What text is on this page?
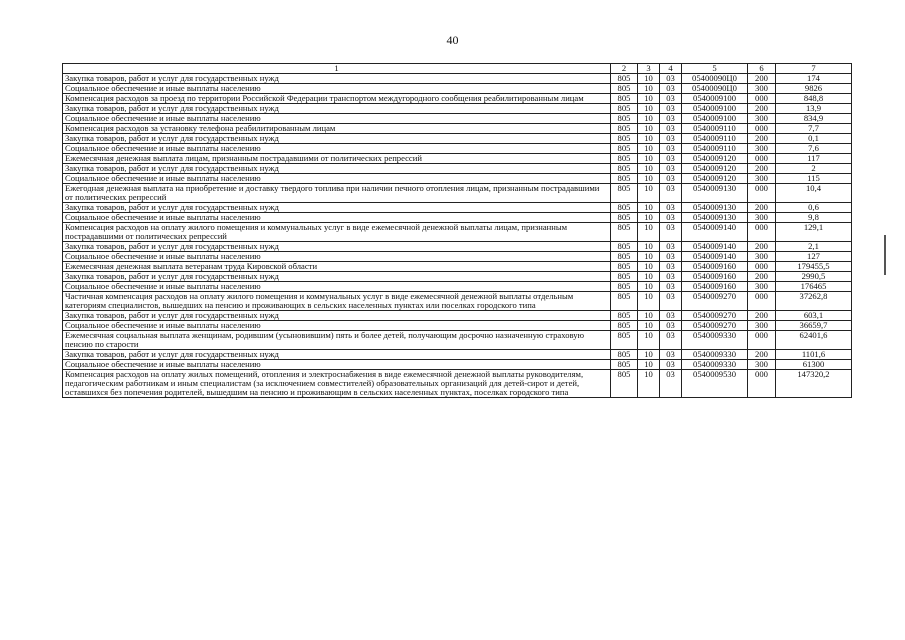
40
1	2	3	4	5	6	7
Закупка товаров, работ и услуг для государственных нужд	805	10	03	05400090Ц0	200	174
Социальное обеспечение и иные выплаты населению	805	10	03	05400090Ц0	300	9826
Компенсация расходов за проезд по территории Российской Федерации транспортом междугородного сообщения реабилитированным лицам	805	10	03	0540009100	000	848,8
Закупка товаров, работ и услуг для государственных нужд	805	10	03	0540009100	200	13,9
Социальное обеспечение и иные выплаты населению	805	10	03	0540009100	300	834,9
Компенсация расходов за установку телефона реабилитированным лицам	805	10	03	0540009110	000	7,7
Закупка товаров, работ и услуг для государственных нужд	805	10	03	0540009110	200	0,1
Социальное обеспечение и иные выплаты населению	805	10	03	0540009110	300	7,6
Ежемесячная денежная выплата лицам, признанным пострадавшими от политических репрессий	805	10	03	0540009120	000	117
Закупка товаров, работ и услуг для государственных нужд	805	10	03	0540009120	200	2
Социальное обеспечение и иные выплаты населению	805	10	03	0540009120	300	115
Ежегодная денежная выплата на приобретение и доставку твердого топлива при наличии печного отопления лицам, признанным пострадавшими от политических репрессий	805	10	03	0540009130	000	10,4
Закупка товаров, работ и услуг для государственных нужд	805	10	03	0540009130	200	0,6
Социальное обеспечение и иные выплаты населению	805	10	03	0540009130	300	9,8
Компенсация расходов на оплату жилого помещения и коммунальных услуг в виде ежемесячной денежной выплаты лицам, признанным пострадавшими от политических репрессий	805	10	03	0540009140	000	129,1
Закупка товаров, работ и услуг для государственных нужд	805	10	03	0540009140	200	2,1
Социальное обеспечение и иные выплаты населению	805	10	03	0540009140	300	127
Ежемесячная денежная выплата ветеранам труда Кировской области	805	10	03	0540009160	000	179455,5
Закупка товаров, работ и услуг для государственных нужд	805	10	03	0540009160	200	2990,5
Социальное обеспечение и иные выплаты населению	805	10	03	0540009160	300	176465
Частичная компенсация расходов на оплату жилого помещения и коммунальных услуг в виде ежемесячной денежной выплаты отдельным категориям специалистов, вышедших на пенсию и проживающих в сельских населенных пунктах или поселках городского типа	805	10	03	0540009270	000	37262,8
Закупка товаров, работ и услуг для государственных нужд	805	10	03	0540009270	200	603,1
Социальное обеспечение и иные выплаты населению	805	10	03	0540009270	300	36659,7
Ежемесячная социальная выплата женщинам, родившим (усыновившим) пять и более детей, получающим досрочно назначенную страховую пенсию по старости	805	10	03	0540009330	000	62401,6
Закупка товаров, работ и услуг для государственных нужд	805	10	03	0540009330	200	1101,6
Социальное обеспечение и иные выплаты населению	805	10	03	0540009330	300	61300
Компенсация расходов на оплату жилых помещений, отопления и электроснабжения в виде ежемесячной денежной выплаты руководителям, педагогическим работникам и иным специалистам (за исключением совместителей) образовательных организаций для детей-сирот и детей, оставшихся без попечения родителей, вышедшим на пенсию и проживающим в сельских населенных пунктах, поселках городского типа	805	10	03	0540009530	000	147320,2
